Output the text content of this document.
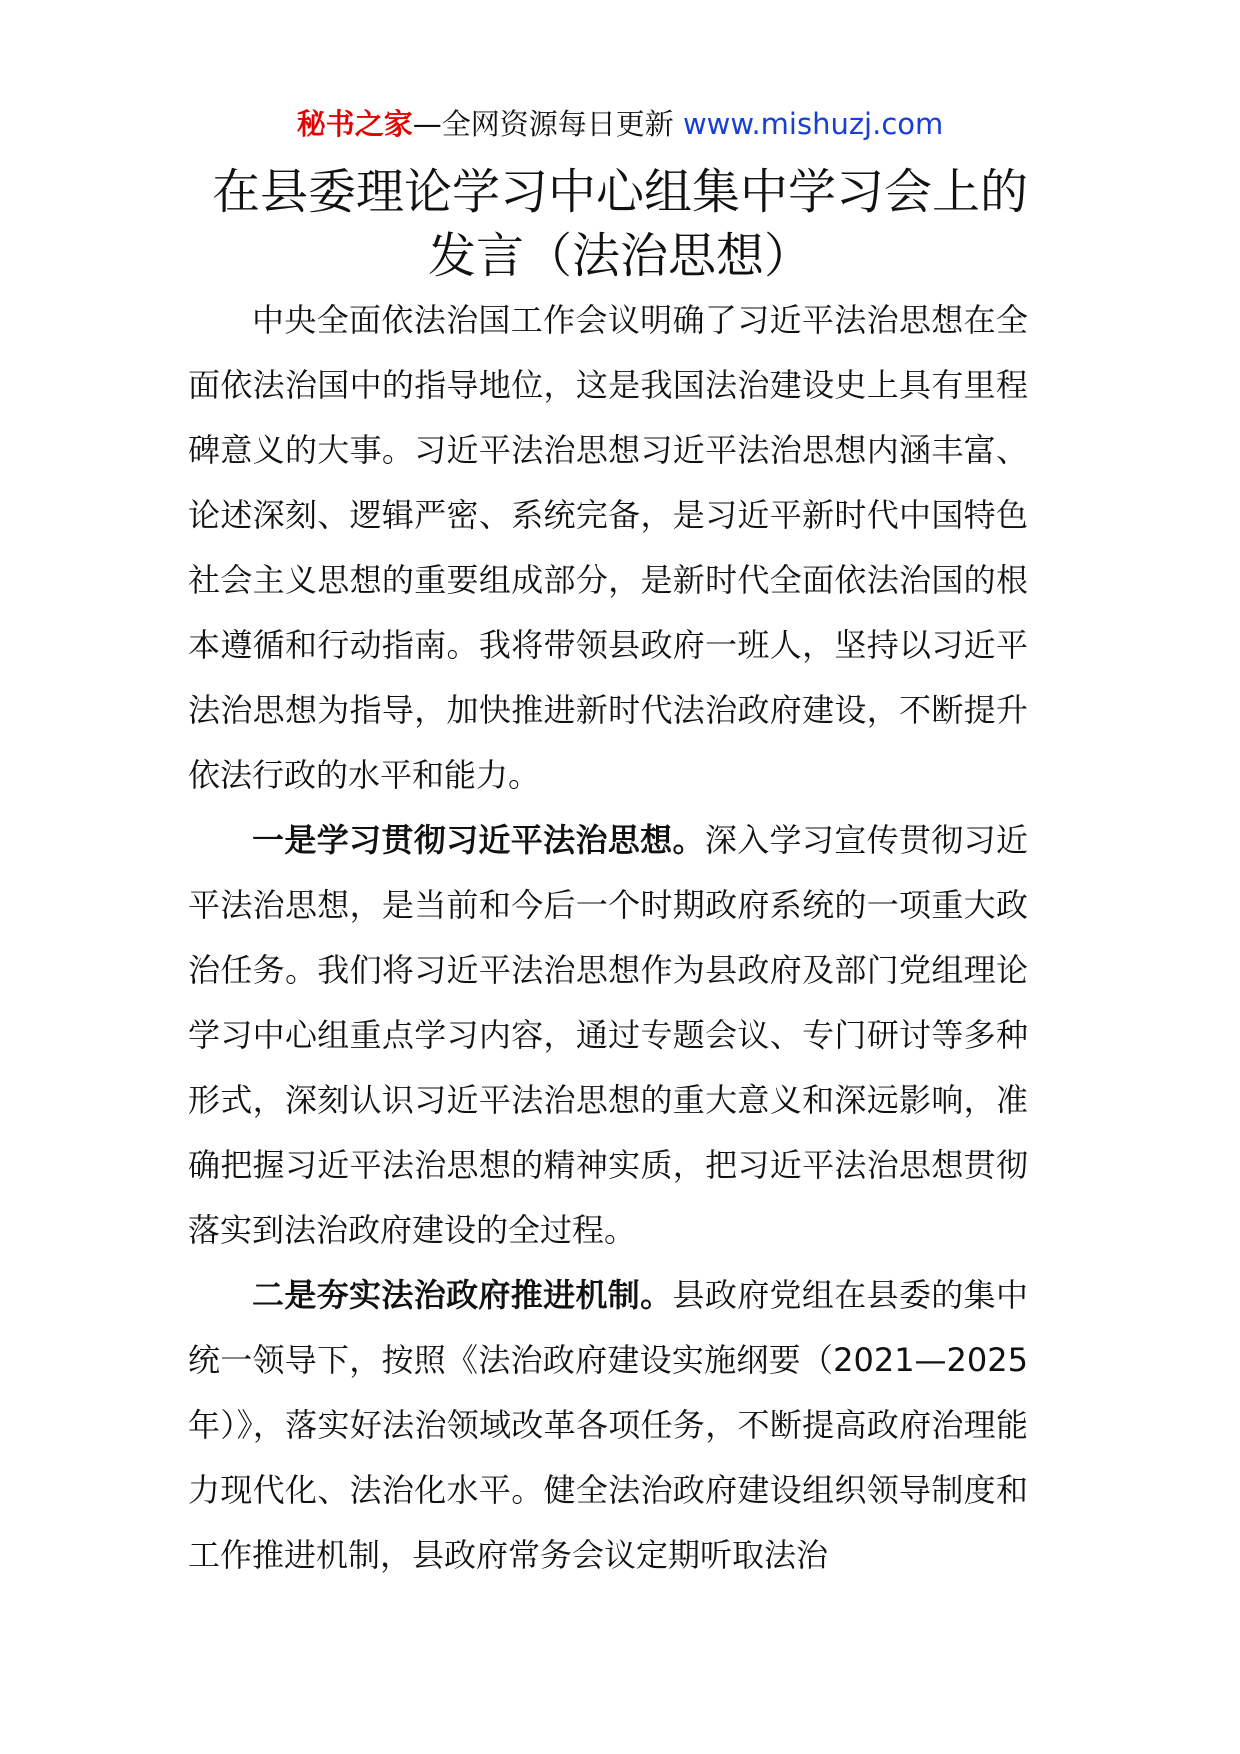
秘书之家—全网资源每日更新 www.mishuzj.com
在县委理论学习中心组集中学习会上的
发言（法治思想）

中央全面依法治国工作会议明确了习近平法治思想在全面依法治国中的指导地位，这是我国法治建设史上具有里程碑意义的大事。习近平法治思想习近平法治思想内涵丰富、论述深刻、逻辑严密、系统完备，是习近平新时代中国特色社会主义思想的重要组成部分，是新时代全面依法治国的根本遵循和行动指南。我将带领县政府一班人，坚持以习近平法治思想为指导，加快推进新时代法治政府建设，不断提升依法行政的水平和能力。

一是学习贯彻习近平法治思想。深入学习宣传贯彻习近平法治思想，是当前和今后一个时期政府系统的一项重大政治任务。我们将习近平法治思想作为县政府及部门党组理论学习中心组重点学习内容，通过专题会议、专门研讨等多种形式，深刻认识习近平法治思想的重大意义和深远影响，准确把握习近平法治思想的精神实质，把习近平法治思想贯彻落实到法治政府建设的全过程。

二是夯实法治政府推进机制。县政府党组在县委的集中统一领导下，按照《法治政府建设实施纲要（2021—2025年）》，落实好法治领域改革各项任务，不断提高政府治理能力现代化、法治化水平。健全法治政府建设组织领导制度和工作推进机制，县政府常务会议定期听取法治
